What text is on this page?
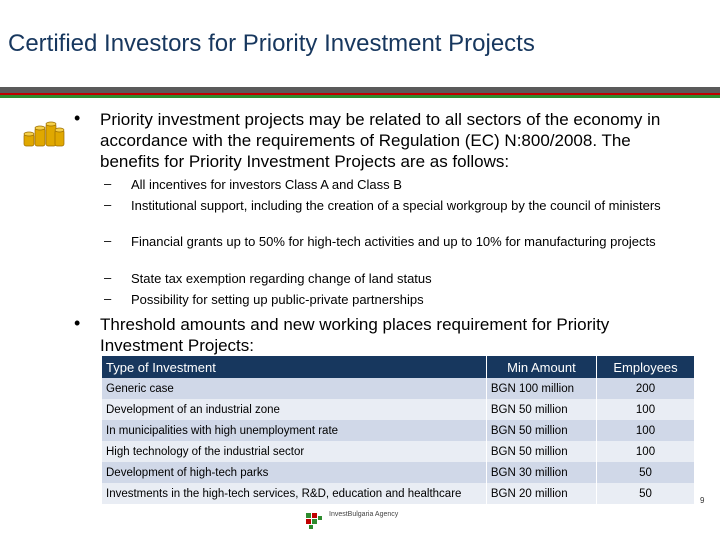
Certified Investors for Priority Investment Projects
• Priority investment projects may be related to all sectors of the economy in accordance with the requirements of Regulation (EC) N:800/2008. The benefits for Priority Investment Projects are as follows:
– All incentives for investors Class A and Class B
– Institutional support, including the creation of a special workgroup by the council of ministers
– Financial grants up to 50% for high-tech activities and up to 10% for manufacturing projects
– State tax exemption regarding change of land status
– Possibility for setting up public-private partnerships
• Threshold amounts and new working places requirement for Priority Investment Projects:
Type of Investment	Min Amount	Employees
Generic case	BGN 100 million	200
Development of an industrial zone	BGN 50 million	100
In municipalities with high unemployment rate	BGN 50 million	100
High technology of the industrial sector	BGN 50 million	100
Development of high-tech parks	BGN 30 million	50
Investments in the high-tech services, R&D, education and healthcare	BGN 20 million	50
9
InvestBulgaria Agency
